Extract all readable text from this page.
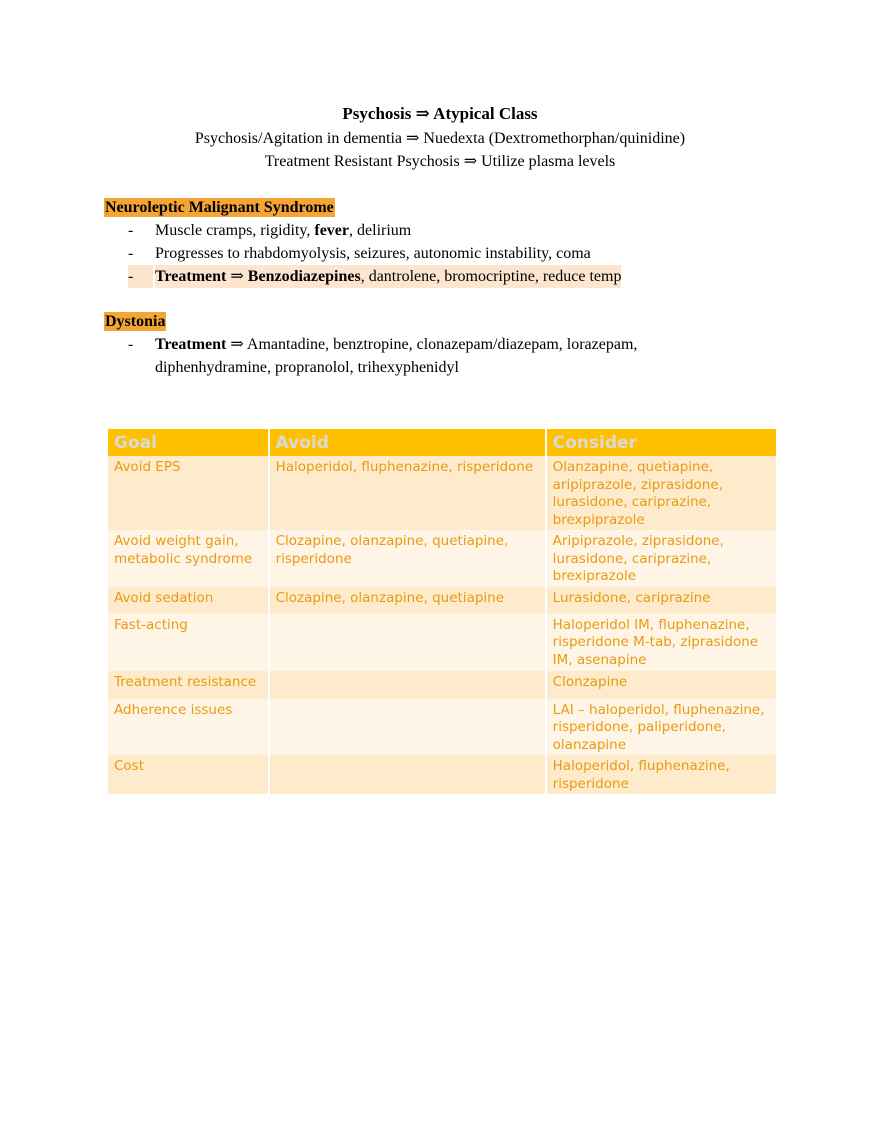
Psychosis ⇒ Atypical Class
Psychosis/Agitation in dementia ⇒ Nuedexta (Dextromethorphan/quinidine)
Treatment Resistant Psychosis ⇒ Utilize plasma levels
Neuroleptic Malignant Syndrome
- Muscle cramps, rigidity, fever, delirium
- Progresses to rhabdomyolysis, seizures, autonomic instability, coma
-	Treatment ⇒ Benzodiazepines, dantrolene, bromocriptine, reduce temp
Dystonia
- Treatment ⇒ Amantadine, benztropine, clonazepam/diazepam, lorazepam,
diphenhydramine, propranolol, trihexyphenidyl
Goal	Avoid	Consider
Avoid EPS	Haloperidol, fluphenazine, risperidone	Olanzapine, quetiapine, aripiprazole, ziprasidone, lurasidone, cariprazine, brexpiprazole
Avoid weight gain, metabolic syndrome	Clozapine, olanzapine, quetiapine, risperidone	Aripiprazole, ziprasidone, lurasidone, cariprazine, brexiprazole
Avoid sedation	Clozapine, olanzapine, quetiapine	Lurasidone, cariprazine
Fast-acting		Haloperidol IM, fluphenazine, risperidone M-tab, ziprasidone IM, asenapine
Treatment resistance		Clonzapine
Adherence issues		LAI – haloperidol, fluphenazine, risperidone, paliperidone, olanzapine
Cost		Haloperidol, fluphenazine, risperidone
